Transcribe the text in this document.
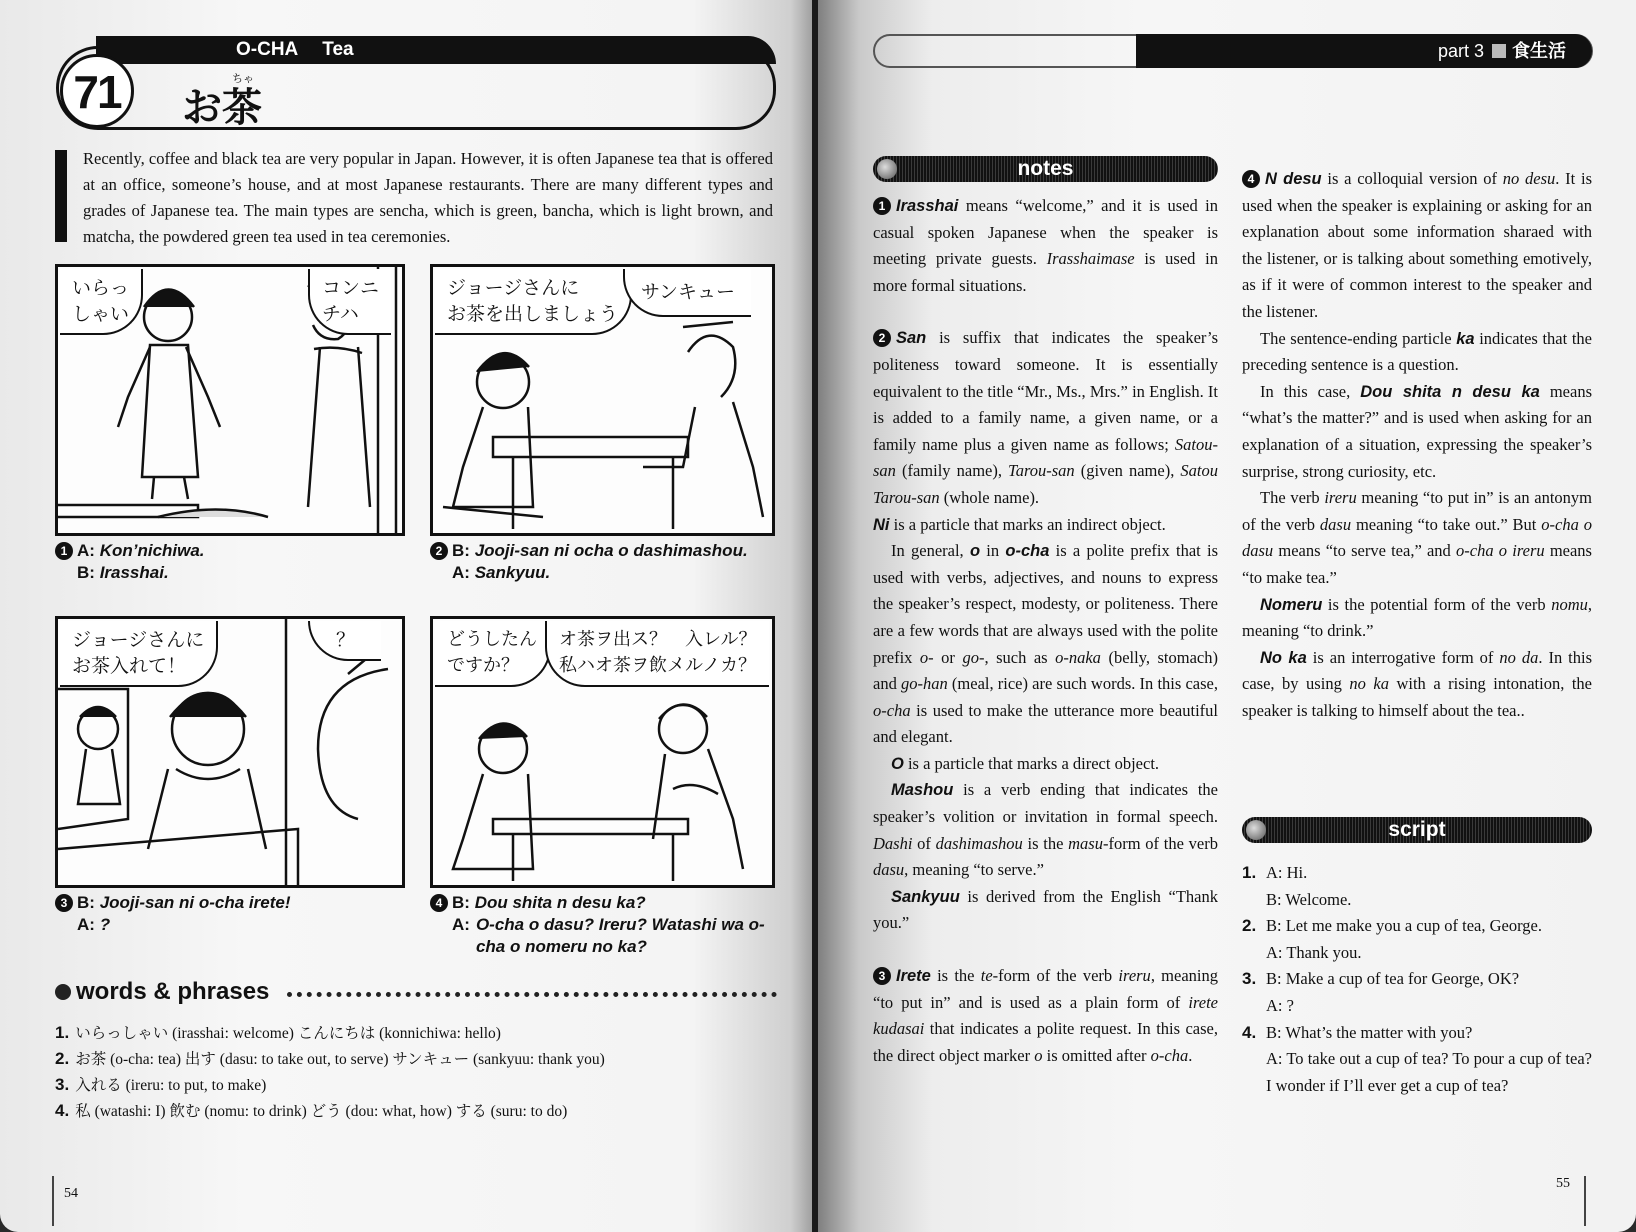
O-CHA Tea
71	ちゃ
お茶
Recently, coffee and black tea are very popular in Japan. However, it is often Japanese tea that is offered at an office, someone’s house, and at most Japanese restaurants. There are many different types and grades of Japanese tea. The main types are sencha, which is green, bancha, which is light brown, and matcha, the powdered green tea used in tea ceremonies.
いらっ
しゃい
コンニ
チハ
1 A: Kon’nichiwa.
B: Irasshai.
ジョージさんに
お茶を出しましょう
サンキュー
2 B: Jooji-san ni ocha o dashimashou.
A: Sankyuu.
ジョージさんに
お茶入れて！
？
3 B: Jooji-san ni o-cha irete!
A: ?
どうしたん
ですか？
オ茶ヲ出ス？　入レル？
私ハオ茶ヲ飲メルノカ？
4 B: Dou shita n desu ka?
A: O-cha o dasu? Ireru? Watashi wa o-cha o nomeru no ka?
words & phrases
1. いらっしゃい (irasshai: welcome) こんにちは (konnichiwa: hello)
2. お茶 (o-cha: tea) 出す (dasu: to take out, to serve) サンキュー (sankyuu: thank you)
3. 入れる (ireru: to put, to make)
4. 私 (watashi: I) 飲む (nomu: to drink) どう (dou: what, how) する (suru: to do)
54
part 3 食生活
notes

1 Irasshai means “welcome,” and it is used in casual spoken Japanese when the speaker is meeting private guests. Irasshaimase is used in more formal situations.

2 San is suffix that indicates the speaker’s politeness toward someone. It is essentially equivalent to the title “Mr., Ms., Mrs.” in English. It is added to a family name, a given name, or a family name plus a given name as follows; Satou-san (family name), Tarou-san (given name), Satou Tarou-san (whole name).

Ni is a particle that marks an indirect object.

In general, o in o-cha is a polite prefix that is used with verbs, adjectives, and nouns to express the speaker’s respect, modesty, or politeness. There are a few words that are always used with the polite prefix o- or go-, such as o-naka (belly, stomach) and go-han (meal, rice) are such words. In this case, o-cha is used to make the utterance more beautiful and elegant.

O is a particle that marks a direct object.

Mashou is a verb ending that indicates the speaker’s volition or invitation in formal speech. Dashi of dashimashou is the masu-form of the verb dasu, meaning “to serve.”

Sankyuu is derived from the English “Thank you.”

3 Irete is the te-form of the verb ireru, meaning “to put in” and is used as a plain form of irete kudasai that indicates a polite request. In this case, the direct object marker o is omitted after o-cha.

4 N desu is a colloquial version of no desu. It is used when the speaker is explaining or asking for an explanation about some information sharaed with the listener, or is talking about something emotively, as if it were of common interest to the speaker and the listener.

The sentence-ending particle ka indicates that the preceding sentence is a question.

In this case, Dou shita n desu ka means “what’s the matter?” and is used when asking for an explanation of a situation, expressing the speaker’s surprise, strong curiosity, etc.

The verb ireru meaning “to put in” is an antonym of the verb dasu meaning “to take out.” But o-cha o dasu means “to serve tea,” and o-cha o ireru means “to make tea.”

Nomeru is the potential form of the verb nomu, meaning “to drink.”

No ka is an interrogative form of no da. In this case, by using no ka with a rising intonation, the speaker is talking to himself about the tea..

script
1. A: Hi.
B: Welcome.
2. B: Let me make you a cup of tea, George.
A: Thank you.
3. B: Make a cup of tea for George, OK?
A: ?
4. B: What’s the matter with you?
A: To take out a cup of tea? To pour a cup of tea? I wonder if I’ll ever get a cup of tea?
55
